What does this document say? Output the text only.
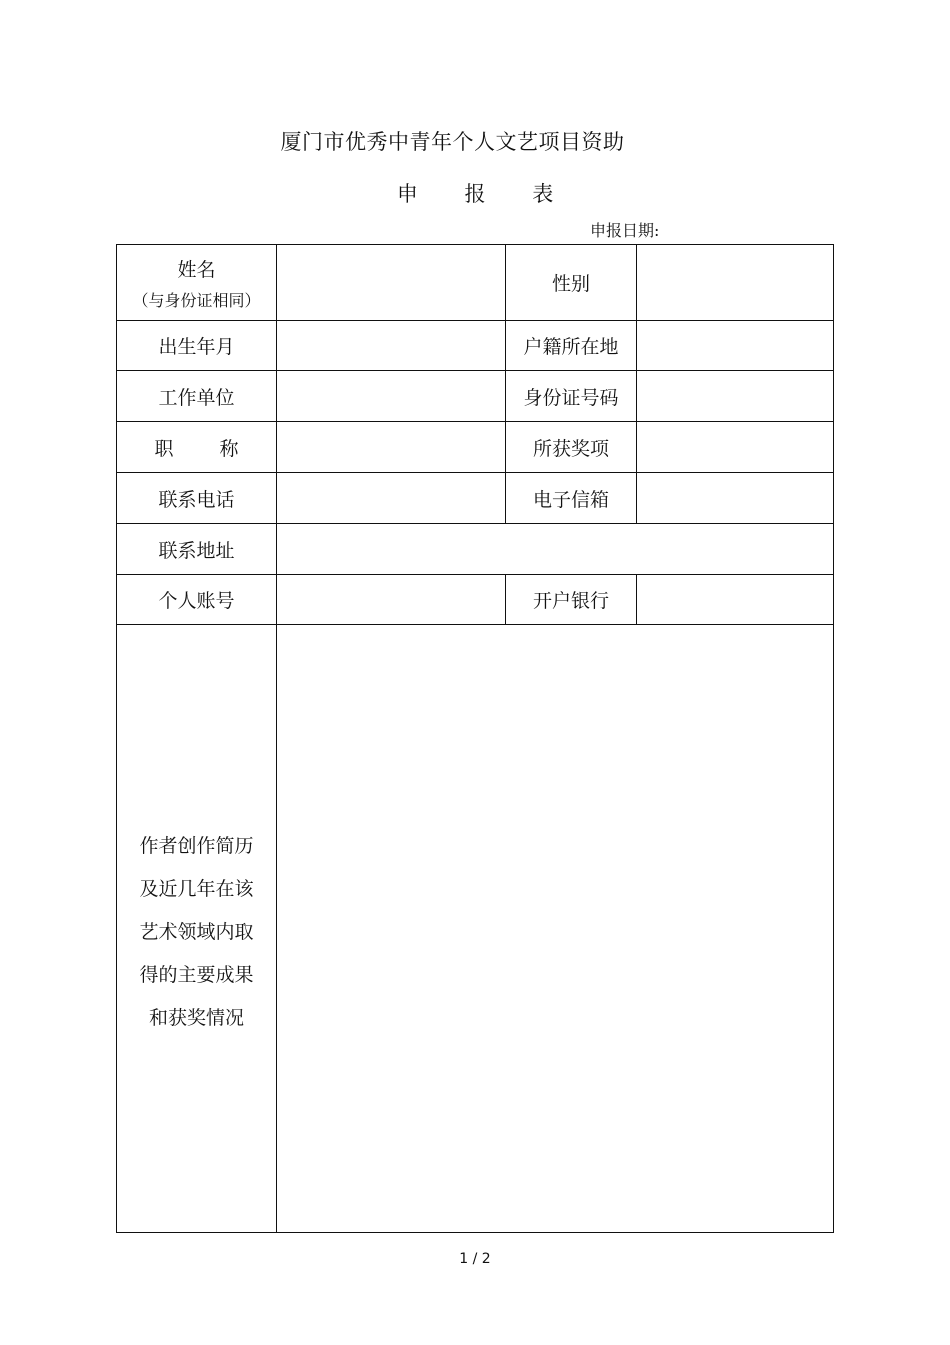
厦门市优秀中青年个人文艺项目资助
申 报 表
申报日期:
姓名
（与身份证相同）		性别	
出生年月		户籍所在地	
工作单位		身份证号码	
职 称		所获奖项	
联系电话		电子信箱	
联系地址			
个人账号		开户银行	

作者创作简历
及近几年在该
艺术领域内取
得的主要成果
和获奖情况			

1 / 2
